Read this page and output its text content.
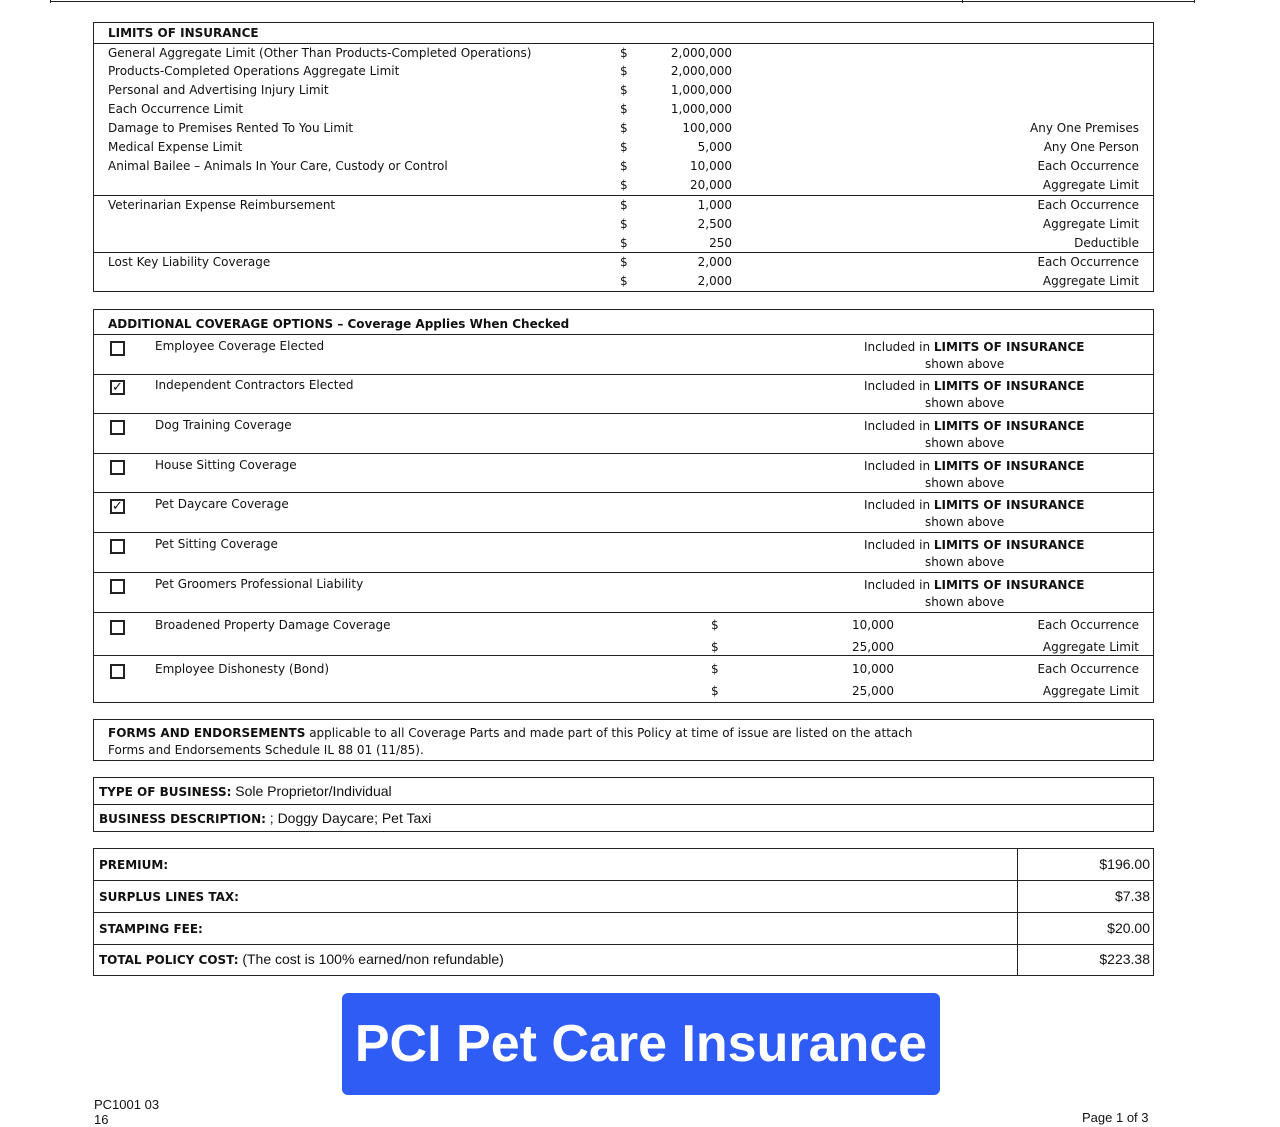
LIMITS OF INSURANCE
General Aggregate Limit (Other Than Products-Completed Operations)	$	2,000,000
Products-Completed Operations Aggregate Limit	$	2,000,000
Personal and Advertising Injury Limit	$	1,000,000
Each Occurrence Limit	$	1,000,000
Damage to Premises Rented To You Limit	$	100,000	Any One Premises
Medical Expense Limit	$	5,000	Any One Person
Animal Bailee – Animals In Your Care, Custody or Control	$	10,000	Each Occurrence
$	20,000	Aggregate Limit
Veterinarian Expense Reimbursement	$	1,000	Each Occurrence
$	2,500	Aggregate Limit
$	250	Deductible
Lost Key Liability Coverage	$	2,000	Each Occurrence
$	2,000	Aggregate Limit
ADDITIONAL COVERAGE OPTIONS – Coverage Applies When Checked
Employee Coverage Elected	Included in LIMITS OF INSURANCE
shown above
✓	Independent Contractors Elected	Included in LIMITS OF INSURANCE
shown above
Dog Training Coverage	Included in LIMITS OF INSURANCE
shown above
House Sitting Coverage	Included in LIMITS OF INSURANCE
shown above
✓	Pet Daycare Coverage	Included in LIMITS OF INSURANCE
shown above
Pet Sitting Coverage	Included in LIMITS OF INSURANCE
shown above
Pet Groomers Professional Liability	Included in LIMITS OF INSURANCE
shown above
Broadened Property Damage Coverage	$	10,000	Each Occurrence
$	25,000	Aggregate Limit
Employee Dishonesty (Bond)	$	10,000	Each Occurrence
$	25,000	Aggregate Limit
FORMS AND ENDORSEMENTS applicable to all Coverage Parts and made part of this Policy at time of issue are listed on the attach
Forms and Endorsements Schedule IL 88 01 (11/85).
TYPE OF BUSINESS: Sole Proprietor/Individual
BUSINESS DESCRIPTION: ; Doggy Daycare; Pet Taxi
PREMIUM:	$196.00
SURPLUS LINES TAX:	$7.38
STAMPING FEE:	$20.00
TOTAL POLICY COST: (The cost is 100% earned/non refundable)	$223.38
PCI Pet Care Insurance
PC1001 03
16	Page 1 of 3
